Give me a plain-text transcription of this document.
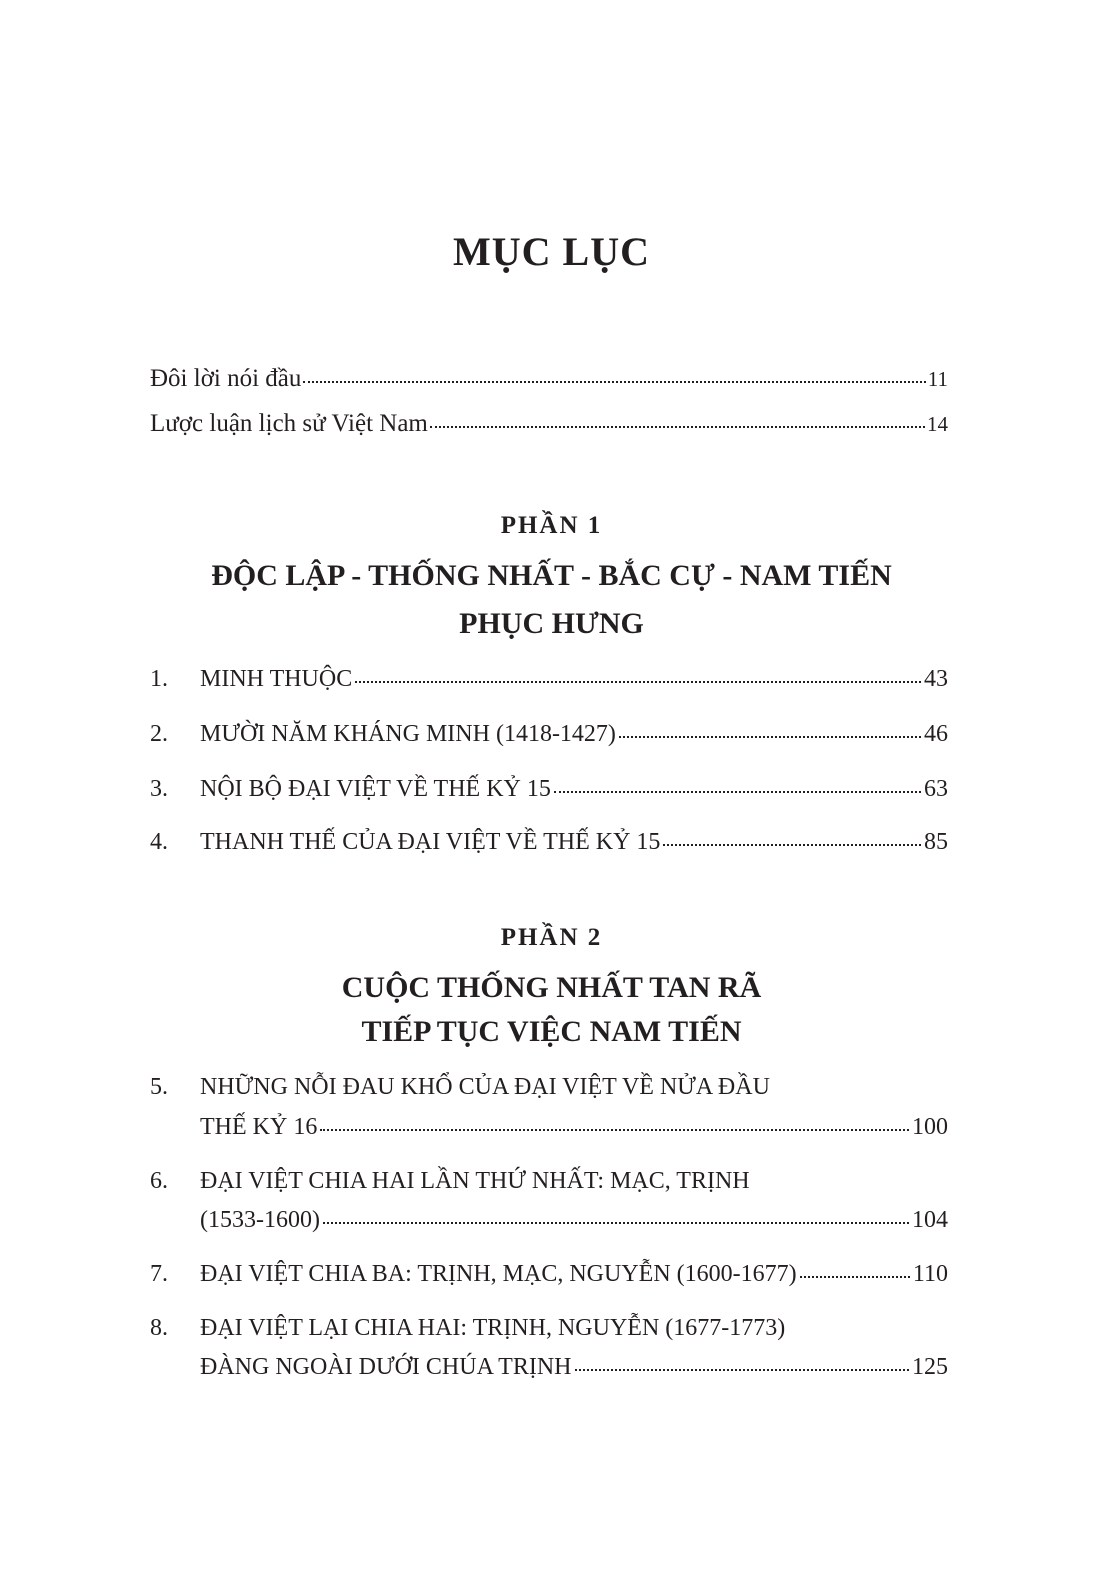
MỤC LỤC
Đôi lời nói đầu	11
Lược luận lịch sử Việt Nam	14
PHẦN 1
ĐỘC LẬP - THỐNG NHẤT - BẮC CỰ - NAM TIẾN
PHỤC HƯNG
1. MINH THUỘC	43
2. MƯỜI NĂM KHÁNG MINH (1418-1427)	46
3. NỘI BỘ ĐẠI VIỆT VỀ THẾ KỶ 15	63
4. THANH THẾ CỦA ĐẠI VIỆT VỀ THẾ KỶ 15	85
PHẦN 2
CUỘC THỐNG NHẤT TAN RÃ
TIẾP TỤC VIỆC NAM TIẾN
5. NHỮNG NỖI ĐAU KHỔ CỦA ĐẠI VIỆT VỀ NỬA ĐẦU
THẾ KỶ 16	100
6. ĐẠI VIỆT CHIA HAI LẦN THỨ NHẤT: MẠC, TRỊNH
(1533-1600)	104
7. ĐẠI VIỆT CHIA BA: TRỊNH, MẠC, NGUYỄN (1600-1677)	110
8. ĐẠI VIỆT LẠI CHIA HAI: TRỊNH, NGUYỄN (1677-1773)
ĐÀNG NGOÀI DƯỚI CHÚA TRỊNH	125
